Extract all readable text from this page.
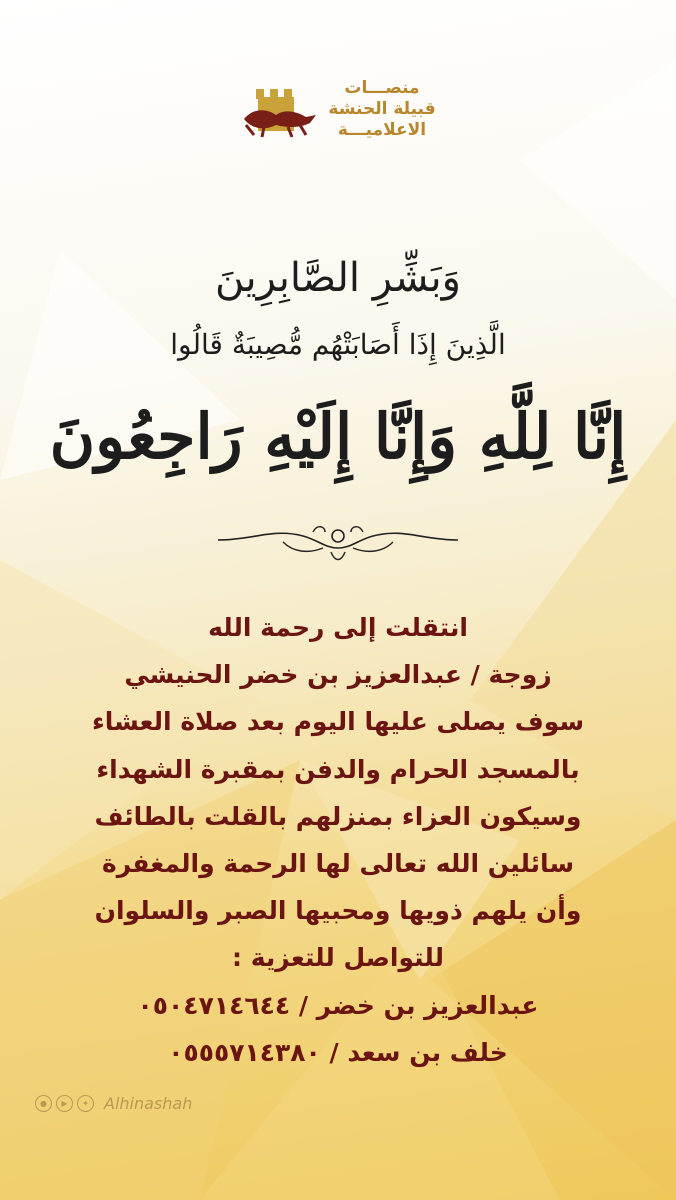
منصـــات
قبيلة الحنشة
الاعلاميـــة
وَبَشِّرِ الصَّابِرِينَ
الَّذِينَ إِذَا أَصَابَتْهُم مُّصِيبَةٌ قَالُوا
إِنَّا لِلَّهِ وَإِنَّا إِلَيْهِ رَاجِعُونَ
انتقلت إلى رحمة الله
زوجة / عبدالعزيز بن خضر الحنيشي
سوف يصلى عليها اليوم بعد صلاة العشاء
بالمسجد الحرام والدفن بمقبرة الشهداء
وسيكون العزاء بمنزلهم بالقلت بالطائف
سائلين الله تعالى لها الرحمة والمغفرة
وأن يلهم ذويها ومحبيها الصبر والسلوان
للتواصل للتعزية :
عبدالعزيز بن خضر / ٠٥٠٤٧١٤٦٤٤
خلف بن سعد / ٠٥٥٥٧١٤٣٨٠
●	▶	✦ Alhinashah
